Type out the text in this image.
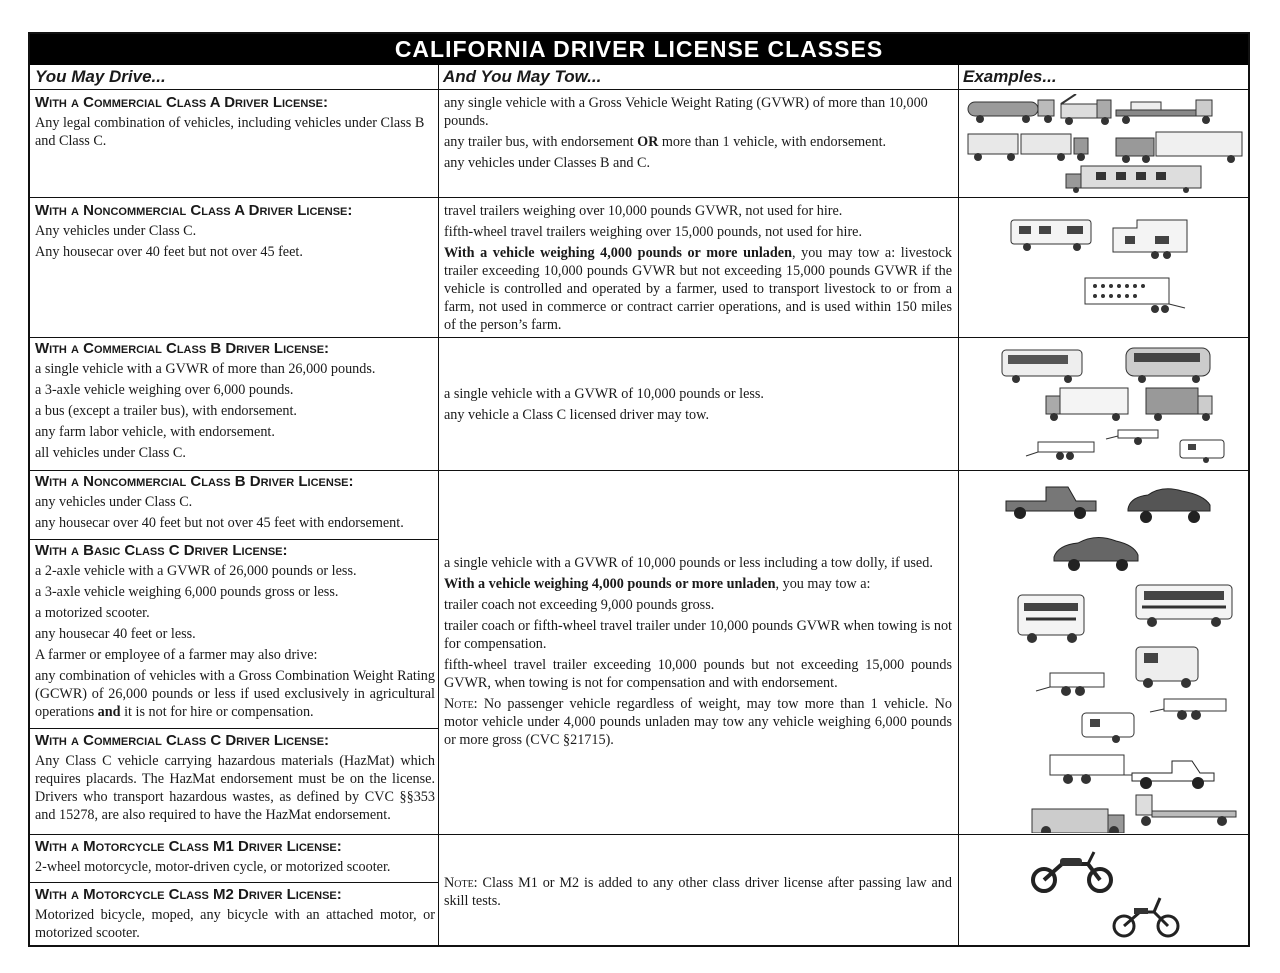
CALIFORNIA DRIVER LICENSE CLASSES
You May Drive...	And You May Tow...	Examples...

With a Commercial Class A Driver License:

Any legal combination of vehicles, including vehicles under Class B and Class C.

any single vehicle with a Gross Vehicle Weight Rating (GVWR) of more than 10,000 pounds.

any trailer bus, with endorsement OR more than 1 vehicle, with endorsement.

any vehicles under Classes B and C.

With a Noncommercial Class A Driver License:

Any vehicles under Class C.

Any housecar over 40 feet but not over 45 feet.

travel trailers weighing over 10,000 pounds GVWR, not used for hire.

fifth-wheel travel trailers weighing over 15,000 pounds, not used for hire.

With a vehicle weighing 4,000 pounds or more unladen, you may tow a: livestock trailer exceeding 10,000 pounds GVWR but not exceeding 15,000 pounds GVWR if the vehicle is controlled and operated by a farmer, used to transport livestock to or from a farm, not used in commerce or contract carrier operations, and is used within 150 miles of the person’s farm.

With a Commercial Class B Driver License:

a single vehicle with a GVWR of more than 26,000 pounds.

a 3-axle vehicle weighing over 6,000 pounds.

a bus (except a trailer bus), with endorsement.

any farm labor vehicle, with endorsement.

all vehicles under Class C.

a single vehicle with a GVWR of 10,000 pounds or less.

any vehicle a Class C licensed driver may tow.

With a Noncommercial Class B Driver License:

any vehicles under Class C.

any housecar over 40 feet but not over 45 feet with endorsement.

With a Basic Class C Driver License:

a 2-axle vehicle with a GVWR of 26,000 pounds or less.

a 3-axle vehicle weighing 6,000 pounds gross or less.

a motorized scooter.

any housecar 40 feet or less.

A farmer or employee of a farmer may also drive:

any combination of vehicles with a Gross Combination Weight Rating (GCWR) of 26,000 pounds or less if used exclusively in agricultural operations and it is not for hire or compensation.

With a Commercial Class C Driver License:

Any Class C vehicle carrying hazardous materials (HazMat) which requires placards. The HazMat endorsement must be on the license. Drivers who transport hazardous wastes, as defined by CVC §§353 and 15278, are also required to have the HazMat endorsement.

a single vehicle with a GVWR of 10,000 pounds or less including a tow dolly, if used.

With a vehicle weighing 4,000 pounds or more unladen, you may tow a:

trailer coach not exceeding 9,000 pounds gross.

trailer coach or fifth-wheel travel trailer under 10,000 pounds GVWR when towing is not for compensation.

fifth-wheel travel trailer exceeding 10,000 pounds but not exceeding 15,000 pounds GVWR, when towing is not for compensation and with endorsement.

Note: No passenger vehicle regardless of weight, may tow more than 1 vehicle. No motor vehicle under 4,000 pounds unladen may tow any vehicle weighing 6,000 pounds or more gross (CVC §21715).

With a Motorcycle Class M1 Driver License:

2-wheel motorcycle, motor-driven cycle, or motorized scooter.

With a Motorcycle Class M2 Driver License:

Motorized bicycle, moped, any bicycle with an attached motor, or motorized scooter.

Note: Class M1 or M2 is added to any other class driver license after passing law and skill tests.
